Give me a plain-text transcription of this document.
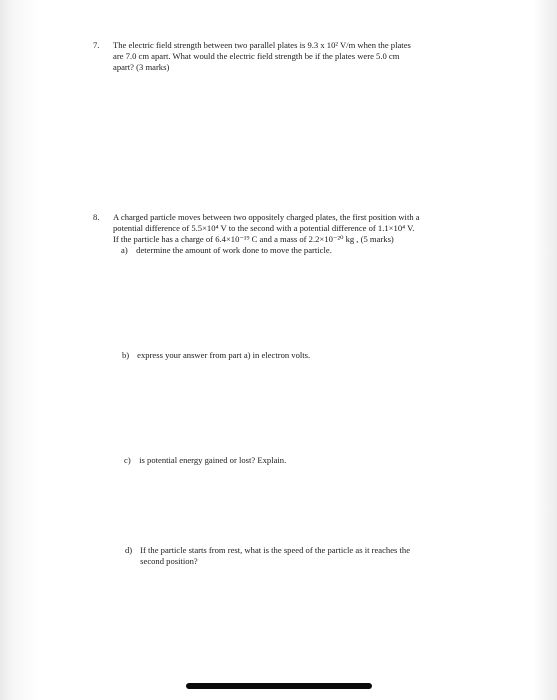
7. The electric field strength between two parallel plates is 9.3 x 10² V/m when the plates
are 7.0 cm apart. What would the electric field strength be if the plates were 5.0 cm
apart? (3 marks)
8. A charged particle moves between two oppositely charged plates, the first position with a
potential difference of 5.5×10⁴ V to the second with a potential difference of 1.1×10⁴ V.
If the particle has a charge of 6.4×10⁻¹⁹ C and a mass of 2.2×10⁻²⁰ kg , (5 marks)
a) determine the amount of work done to move the particle.
b) express your answer from part a) in electron volts.
c) is potential energy gained or lost? Explain.
d) If the particle starts from rest, what is the speed of the particle as it reaches the
second position?
